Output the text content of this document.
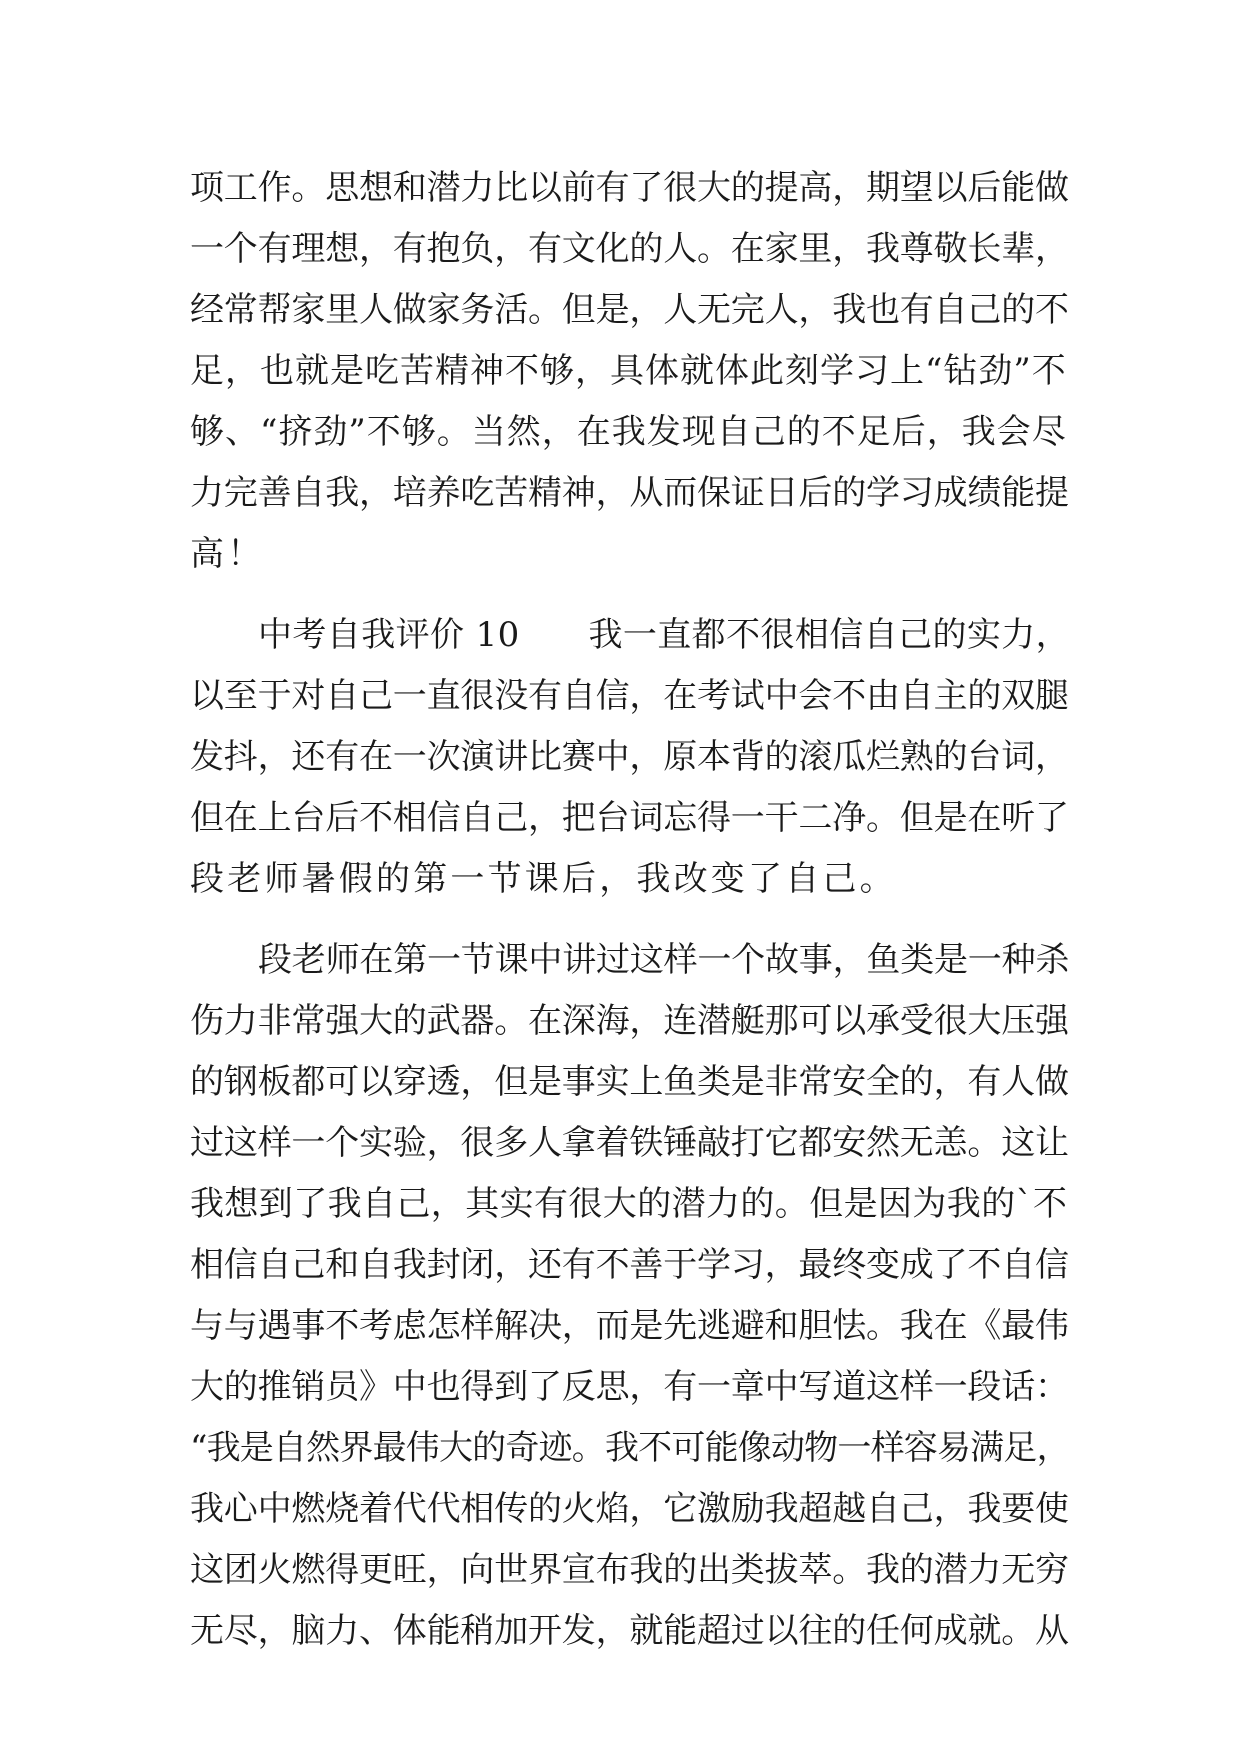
项工作。思想和潜力比以前有了很大的提高，期望以后能做
一个有理想，有抱负，有文化的人。在家里，我尊敬长辈，
经常帮家里人做家务活。但是，人无完人，我也有自己的不
足，也就是吃苦精神不够，具体就体此刻学习上“钻劲”不
够、“挤劲”不够。当然，在我发现自己的不足后，我会尽
力完善自我，培养吃苦精神，从而保证日后的学习成绩能提
高！
中考自我评价 10　　我一直都不很相信自己的实力，
以至于对自己一直很没有自信，在考试中会不由自主的双腿
发抖，还有在一次演讲比赛中，原本背的滚瓜烂熟的台词，
但在上台后不相信自己，把台词忘得一干二净。但是在听了
段老师暑假的第一节课后，我改变了自己。
段老师在第一节课中讲过这样一个故事，鱼类是一种杀
伤力非常强大的武器。在深海，连潜艇那可以承受很大压强
的钢板都可以穿透，但是事实上鱼类是非常安全的，有人做
过这样一个实验，很多人拿着铁锤敲打它都安然无恙。这让
我想到了我自己，其实有很大的潜力的。但是因为我的`不
相信自己和自我封闭，还有不善于学习，最终变成了不自信
与与遇事不考虑怎样解决，而是先逃避和胆怯。我在《最伟
大的推销员》中也得到了反思，有一章中写道这样一段话：
“我是自然界最伟大的奇迹。我不可能像动物一样容易满足，
我心中燃烧着代代相传的火焰，它激励我超越自己，我要使
这团火燃得更旺，向世界宣布我的出类拔萃。我的潜力无穷
无尽，脑力、体能稍加开发，就能超过以往的任何成就。从
